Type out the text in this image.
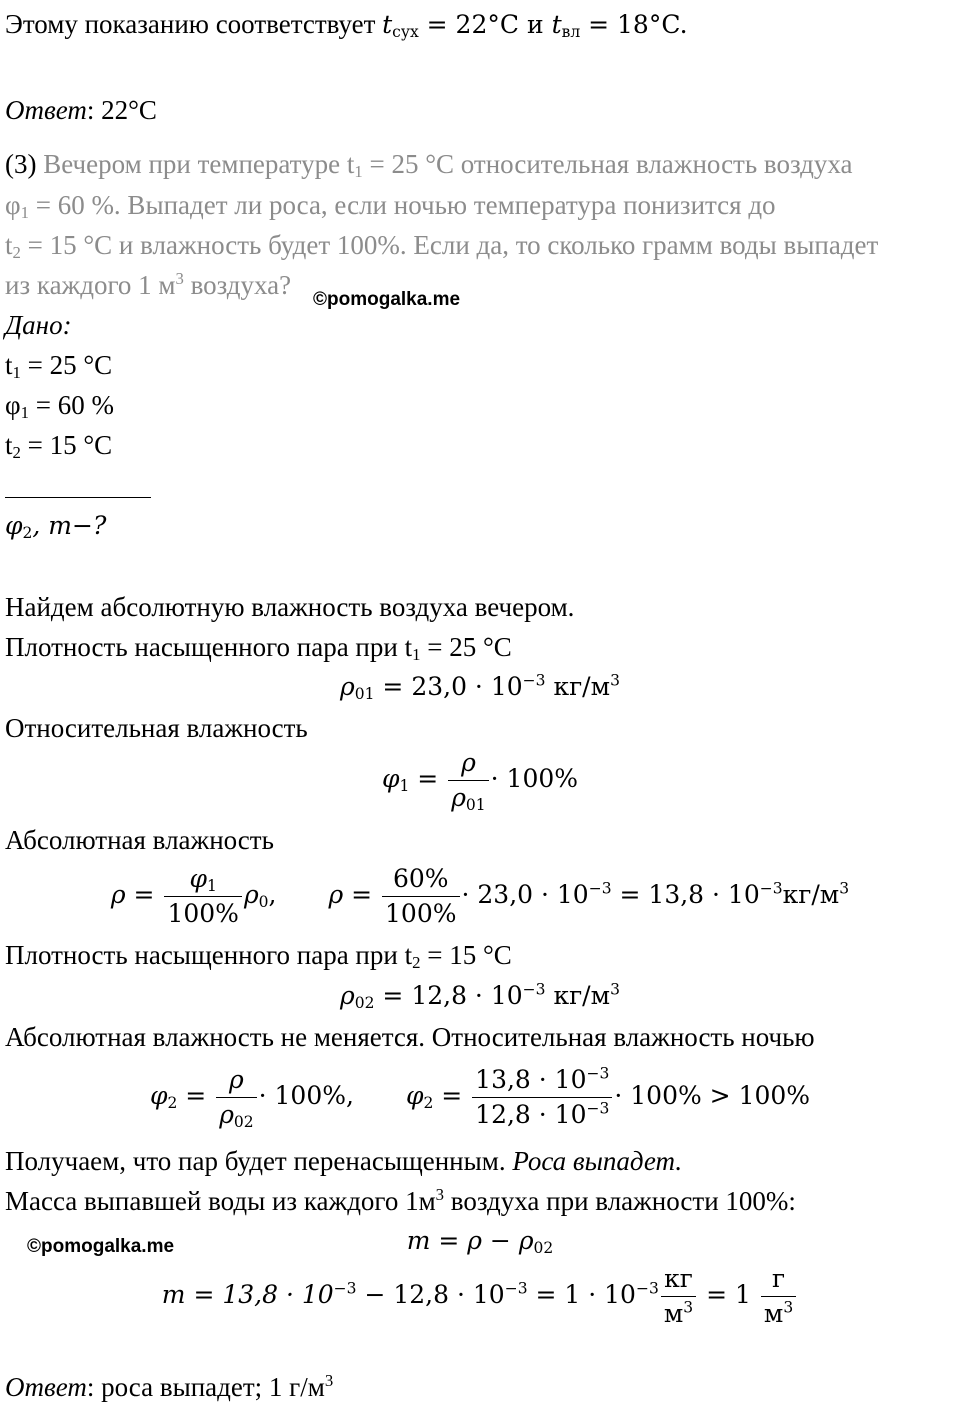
Этому показанию соответствует $t_{сух} = 22^\circ C$ и $t_{вл} = 18^\circ C$.
Ответ: 22°C
(3) Вечером при температуре $t_1 = 25$ °C относительная влажность воздуха
$\varphi_1 = 60$ %. Выпадет ли роса, если ночью температура понизится до
$t_2 = 15$ °C и влажность будет 100%. Если да, то сколько грамм воды выпадет
из каждого 1 $м^3$ воздуха? ©pomogalka.me
Дано:
$t_1 = 25$ °C
$\varphi_1 = 60$ %
$t_2 = 15$ °C
$\varphi_2$, m−?
Найдем абсолютную влажность воздуха вечером.
Плотность насыщенного пара при $t_1 = 25$ °C
$\rho_{01} = 23,0 \cdot 10^{-3}$ $кг/м^3$
Относительная влажность
$\varphi_1 = \frac{\rho}{\rho_{01}} \cdot 100\%$
Абсолютная влажность
$\rho = \frac{\varphi_1}{100\%} \rho_0$, $\rho = \frac{60\%}{100\%} \cdot 23,0 \cdot 10^{-3} = 13,8 \cdot 10^{-3}кг/м^3$
Плотность насыщенного пара при $t_2 = 15$ °C
$\rho_{02} = 12,8 \cdot 10^{-3}$ $кг/м^3$
Абсолютная влажность не меняется. Относительная влажность ночью
$\varphi_2 = \frac{\rho}{\rho_{02}} \cdot 100\%$, $\varphi_2 = \frac{13,8 \cdot 10^{-3}}{12,8 \cdot 10^{-3}} \cdot 100\% > 100\%$
Получаем, что пар будет перенасыщенным. Роса выпадет.
Масса выпавшей воды из каждого $1м^3$ воздуха при влажности 100%:
©pomogalka.me	$m = \rho - \rho_{02}$
$m = 13,8 \cdot 10^{-3} - 12,8 \cdot 10^{-3} = 1 \cdot 10^{-3} \frac{кг}{м^3} = 1 \frac{г}{м^3}$
Ответ: роса выпадет; 1 $г/м^3$
